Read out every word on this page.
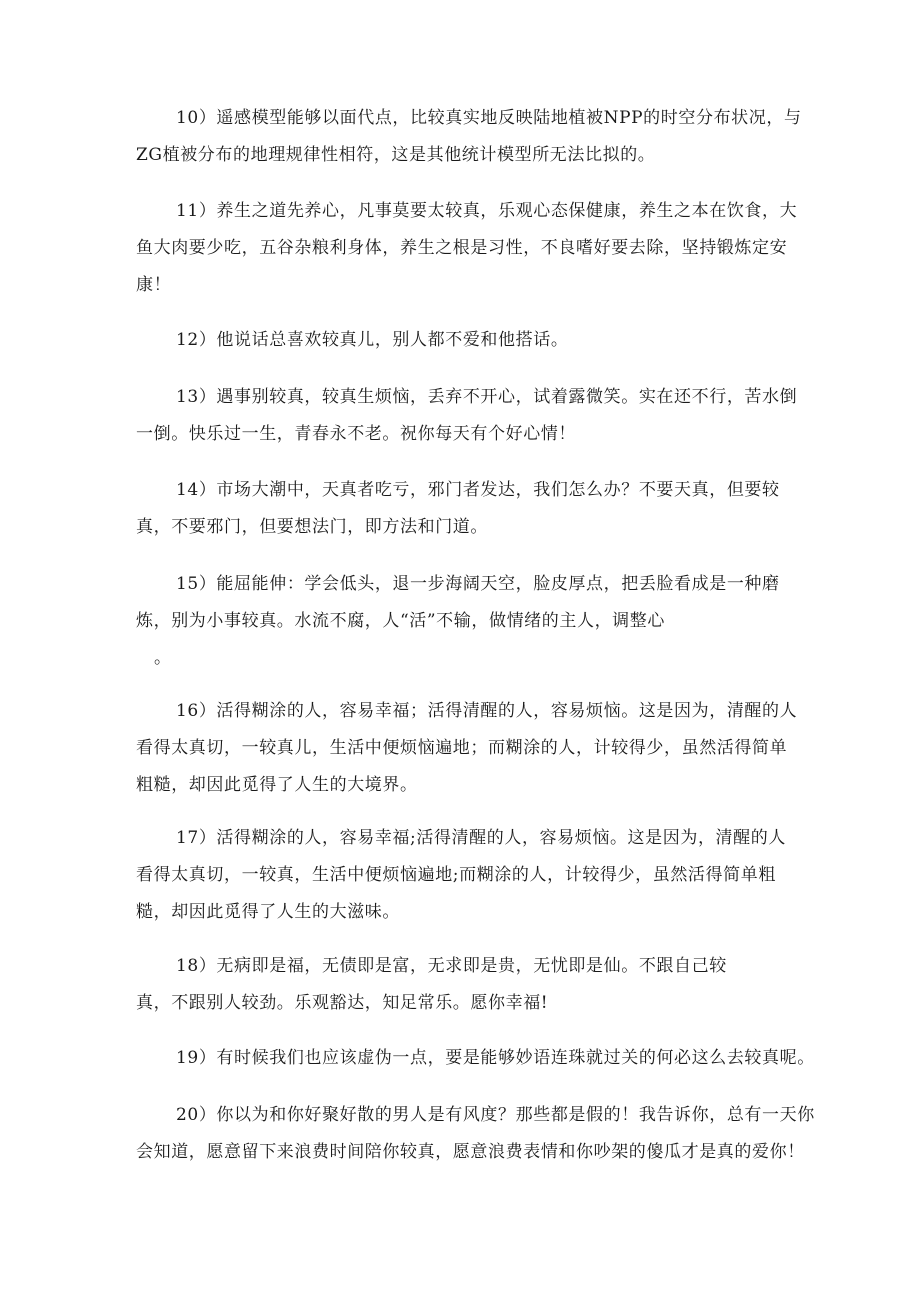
10）遥感模型能够以面代点，比较真实地反映陆地植被NPP的时空分布状况，与
ZG植被分布的地理规律性相符，这是其他统计模型所无法比拟的。
11）养生之道先养心，凡事莫要太较真，乐观心态保健康，养生之本在饮食，大
鱼大肉要少吃，五谷杂粮利身体，养生之根是习性，不良嗜好要去除，坚持锻炼定安
康！
12）他说话总喜欢较真儿，别人都不爱和他搭话。
13）遇事别较真，较真生烦恼，丢弃不开心，试着露微笑。实在还不行，苦水倒
一倒。快乐过一生，青春永不老。祝你每天有个好心情！
14）市场大潮中，天真者吃亏，邪门者发达，我们怎么办？不要天真，但要较
真，不要邪门，但要想法门，即方法和门道。
15）能屈能伸：学会低头，退一步海阔天空，脸皮厚点，把丢脸看成是一种磨
炼，别为小事较真。水流不腐，人“活”不输，做情绪的主人，调整心
。
16）活得糊涂的人，容易幸福；活得清醒的人，容易烦恼。这是因为，清醒的人
看得太真切，一较真儿，生活中便烦恼遍地；而糊涂的人，计较得少，虽然活得简单
粗糙，却因此觅得了人生的大境界。
17）活得糊涂的人，容易幸福;活得清醒的人，容易烦恼。这是因为，清醒的人
看得太真切，一较真，生活中便烦恼遍地;而糊涂的人，计较得少，虽然活得简单粗
糙，却因此觅得了人生的大滋味。
18）无病即是福，无债即是富，无求即是贵，无忧即是仙。不跟自己较
真，不跟别人较劲。乐观豁达，知足常乐。愿你幸福!
19）有时候我们也应该虚伪一点，要是能够妙语连珠就过关的何必这么去较真呢。
20）你以为和你好聚好散的男人是有风度？那些都是假的！我告诉你，总有一天你
会知道，愿意留下来浪费时间陪你较真，愿意浪费表情和你吵架的傻瓜才是真的爱你！
